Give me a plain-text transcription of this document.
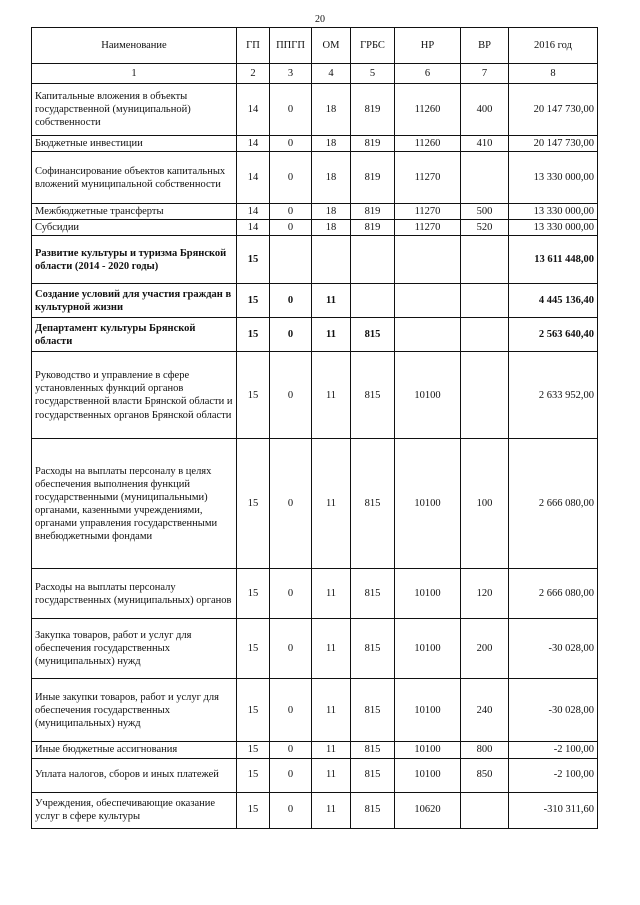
20
Наименование	ГП	ППГП	ОМ	ГРБС	НР	ВР	2016 год
1	2	3	4	5	6	7	8
Капитальные вложения в объекты государственной (муниципальной) собственности	14	0	18	819	11260	400	20 147 730,00
Бюджетные инвестиции	14	0	18	819	11260	410	20 147 730,00
Софинансирование объектов капитальных вложений муниципальной собственности	14	0	18	819	11270		13 330 000,00
Межбюджетные трансферты	14	0	18	819	11270	500	13 330 000,00
Субсидии	14	0	18	819	11270	520	13 330 000,00
Развитие культуры и туризма Брянской области (2014 - 2020 годы)	15						13 611 448,00
Создание условий для участия граждан в культурной жизни	15	0	11				4 445 136,40
Департамент культуры Брянской области	15	0	11	815			2 563 640,40
Руководство и управление в сфере установленных функций органов государственной власти Брянской области и государственных органов Брянской области	15	0	11	815	10100		2 633 952,00
Расходы на выплаты персоналу в целях обеспечения выполнения функций государственными (муниципальными) органами, казенными учреждениями, органами управления государственными внебюджетными фондами	15	0	11	815	10100	100	2 666 080,00
Расходы на выплаты персоналу государственных (муниципальных) органов	15	0	11	815	10100	120	2 666 080,00
Закупка товаров, работ и услуг для обеспечения государственных (муниципальных) нужд	15	0	11	815	10100	200	-30 028,00
Иные закупки товаров, работ и услуг для обеспечения государственных (муниципальных) нужд	15	0	11	815	10100	240	-30 028,00
Иные бюджетные ассигнования	15	0	11	815	10100	800	-2 100,00
Уплата налогов, сборов и иных платежей	15	0	11	815	10100	850	-2 100,00
Учреждения, обеспечивающие оказание услуг в сфере культуры	15	0	11	815	10620		-310 311,60
